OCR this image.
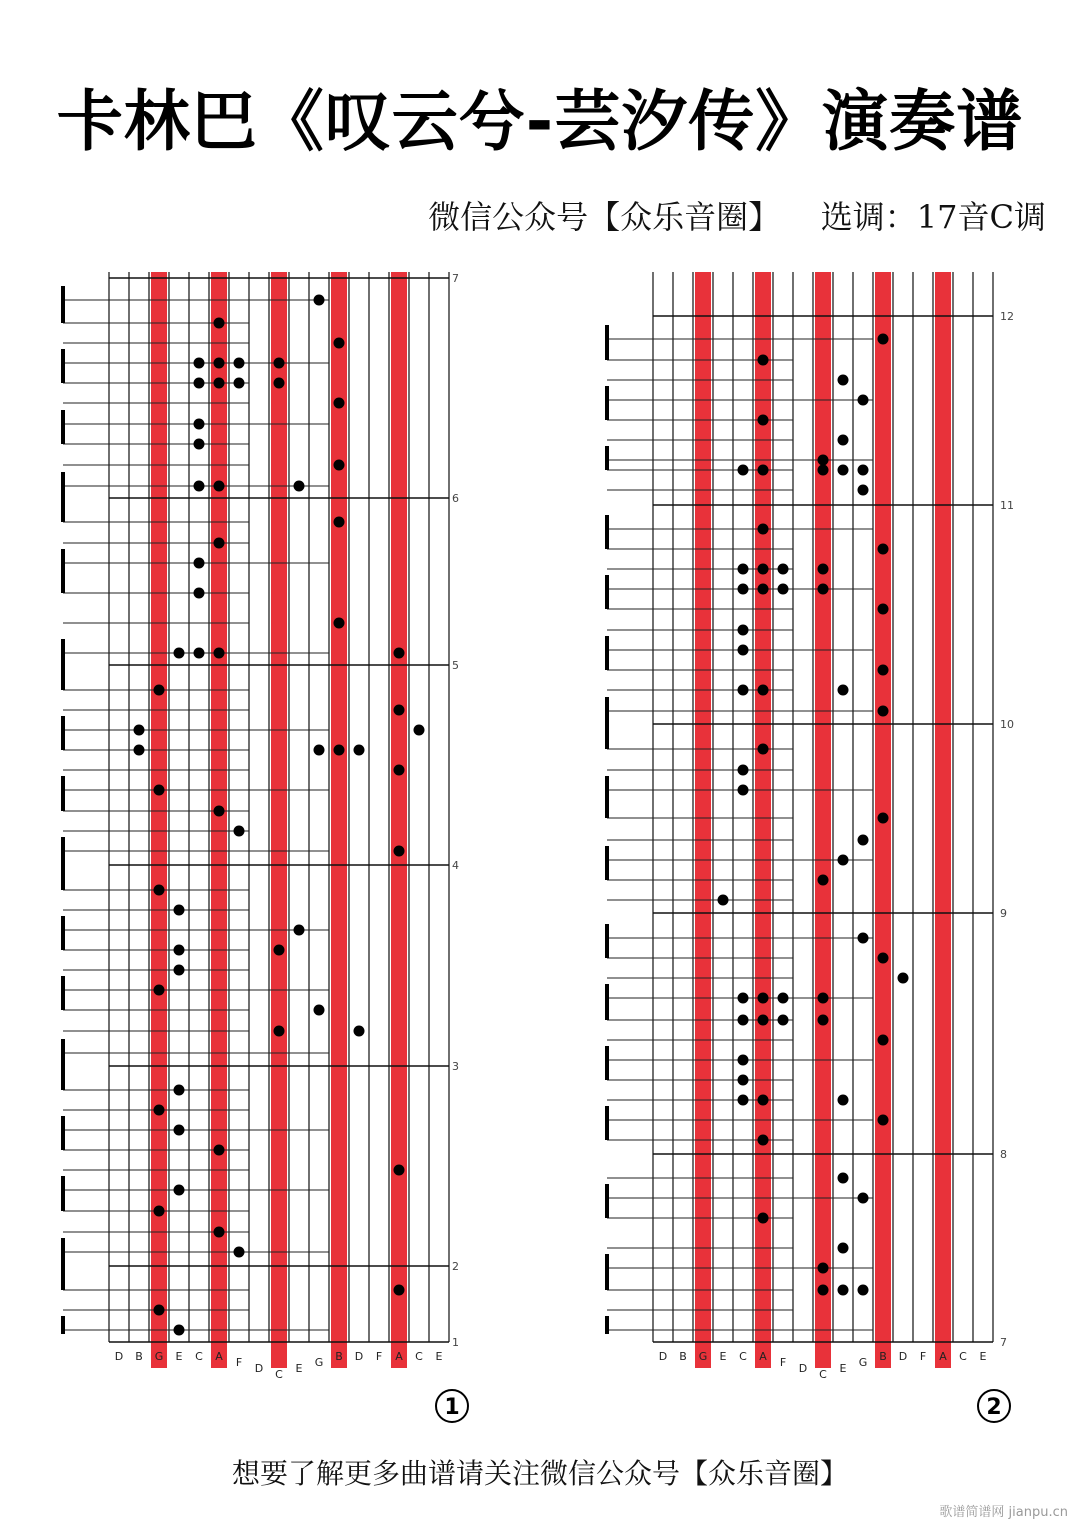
卡林巴《叹云兮-芸汐传》演奏谱
微信公众号【众乐音圈】    选调：17音C调
7
6
5
4
3
2
1
D B G E C A F D C E G B D F A C E
1
12
11
10
9
8
7
D B G E C A F D C E G B D F A C E
2
想要了解更多曲谱请关注微信公众号【众乐音圈】
歌谱简谱网 jianpu.cn
